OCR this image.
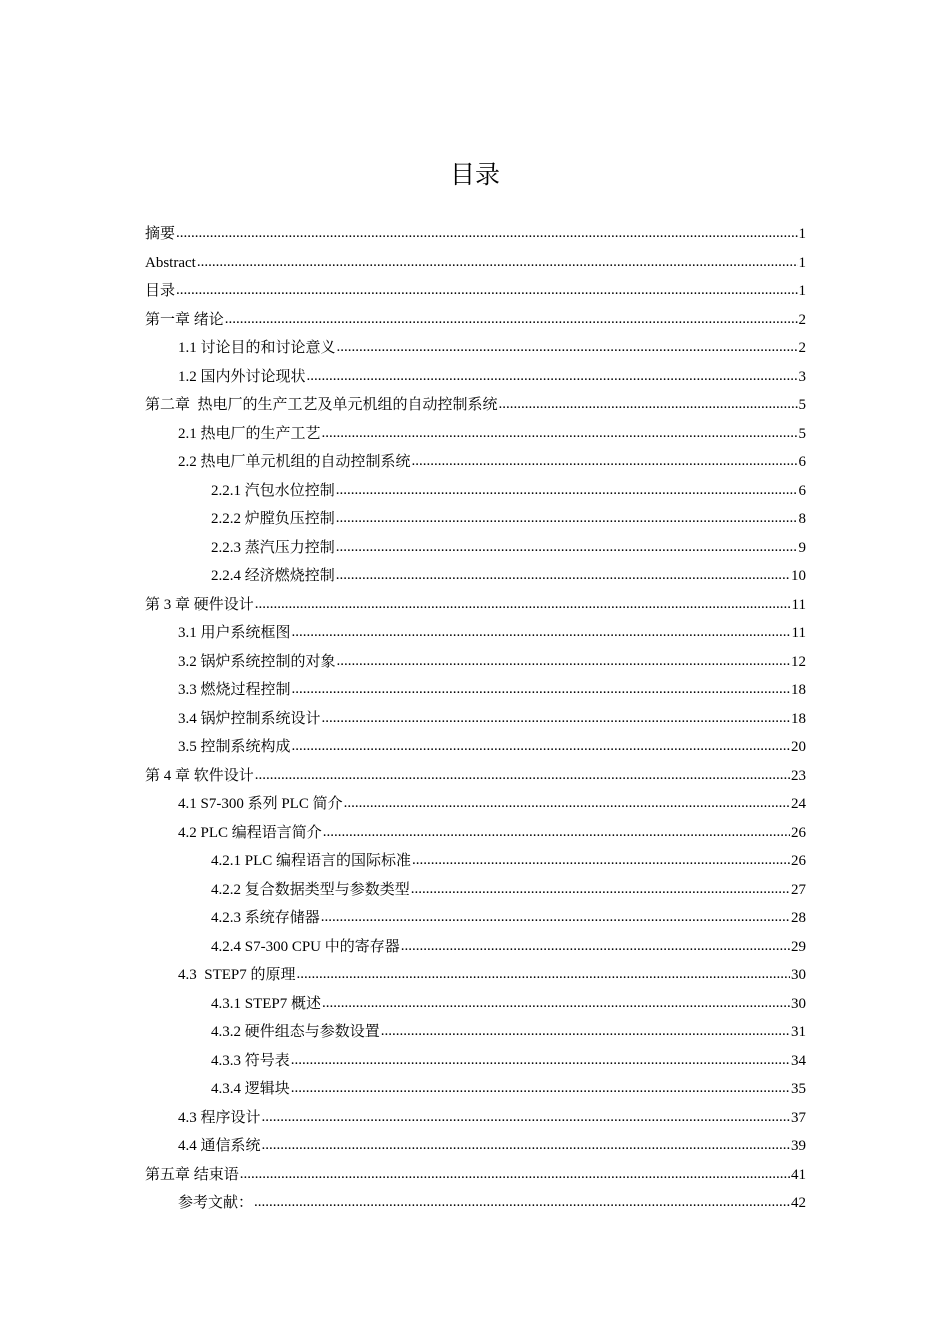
目录
摘要 .....	1
Abstract .....	1
目录 .....	1
第一章 绪论 .....	2
1.1 讨论目的和讨论意义 .....	2
1.2 国内外讨论现状 .....	3
第二章  热电厂的生产工艺及单元机组的自动控制系统 .....	5
2.1 热电厂的生产工艺 .....	5
2.2 热电厂单元机组的自动控制系统 .....	6
2.2.1 汽包水位控制 .....	6
2.2.2 炉膛负压控制 .....	8
2.2.3 蒸汽压力控制 .....	9
2.2.4 经济燃烧控制 .....	10
第 3 章 硬件设计 .....	11
3.1 用户系统框图 .....	11
3.2 锅炉系统控制的对象 .....	12
3.3 燃烧过程控制 .....	18
3.4 锅炉控制系统设计 .....	18
3.5 控制系统构成 .....	20
第 4 章 软件设计 .....	23
4.1 S7-300 系列 PLC 简介 .....	24
4.2 PLC 编程语言简介 .....	26
4.2.1 PLC 编程语言的国际标准 .....	26
4.2.2 复合数据类型与参数类型 .....	27
4.2.3 系统存储器 .....	28
4.2.4 S7-300 CPU 中的寄存器 .....	29
4.3  STEP7 的原理 .....	30
4.3.1 STEP7 概述 .....	30
4.3.2 硬件组态与参数设置 .....	31
4.3.3 符号表 .....	34
4.3.4 逻辑块 .....	35
4.3 程序设计 .....	37
4.4 通信系统 .....	39
第五章 结束语 .....	41
参考文献： .....	42
